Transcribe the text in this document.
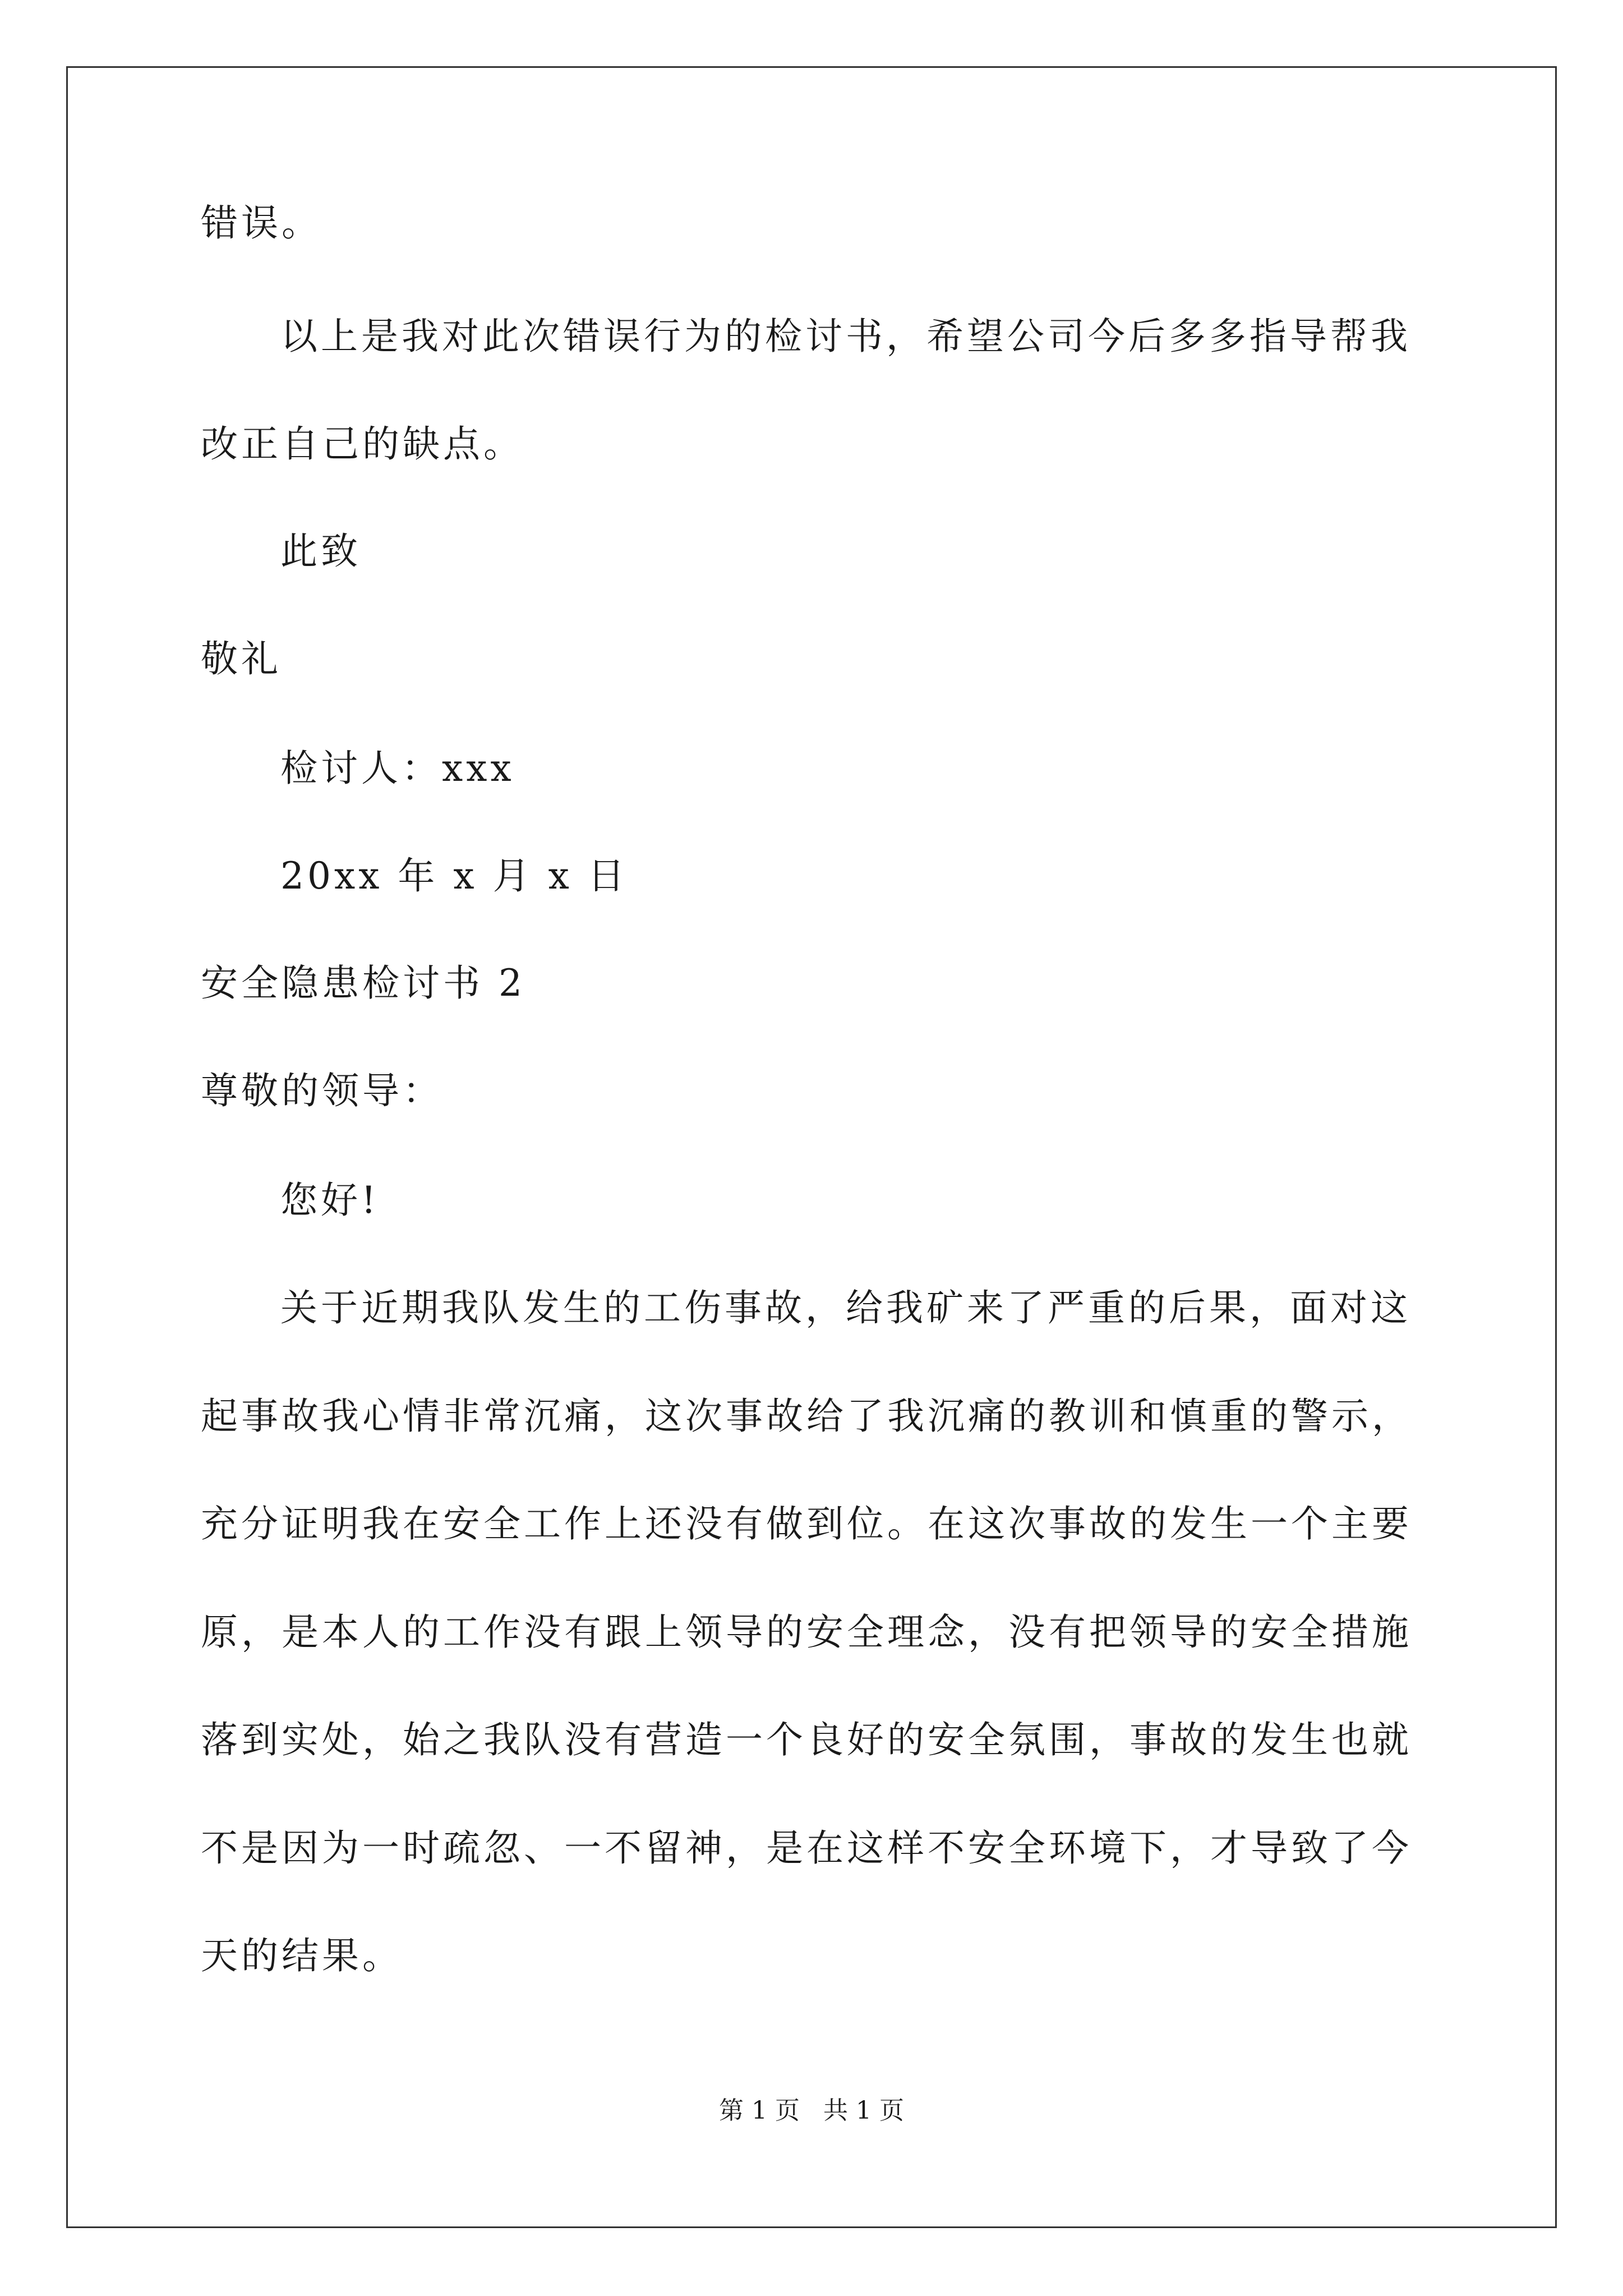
错误。
以上是我对此次错误行为的检讨书，希望公司今后多多指导帮我
改正自己的缺点。
此致
敬礼
检讨人：xxx
20xx 年 x 月 x 日
安全隐患检讨书 2
尊敬的领导：
您好!
关于近期我队发生的工伤事故，给我矿来了严重的后果，面对这
起事故我心情非常沉痛，这次事故给了我沉痛的教训和慎重的警示，
充分证明我在安全工作上还没有做到位。在这次事故的发生一个主要
原，是本人的工作没有跟上领导的安全理念，没有把领导的安全措施
落到实处，始之我队没有营造一个良好的安全氛围，事故的发生也就
不是因为一时疏忽、一不留神，是在这样不安全环境下，才导致了今
天的结果。
第 1 页   共 1 页
